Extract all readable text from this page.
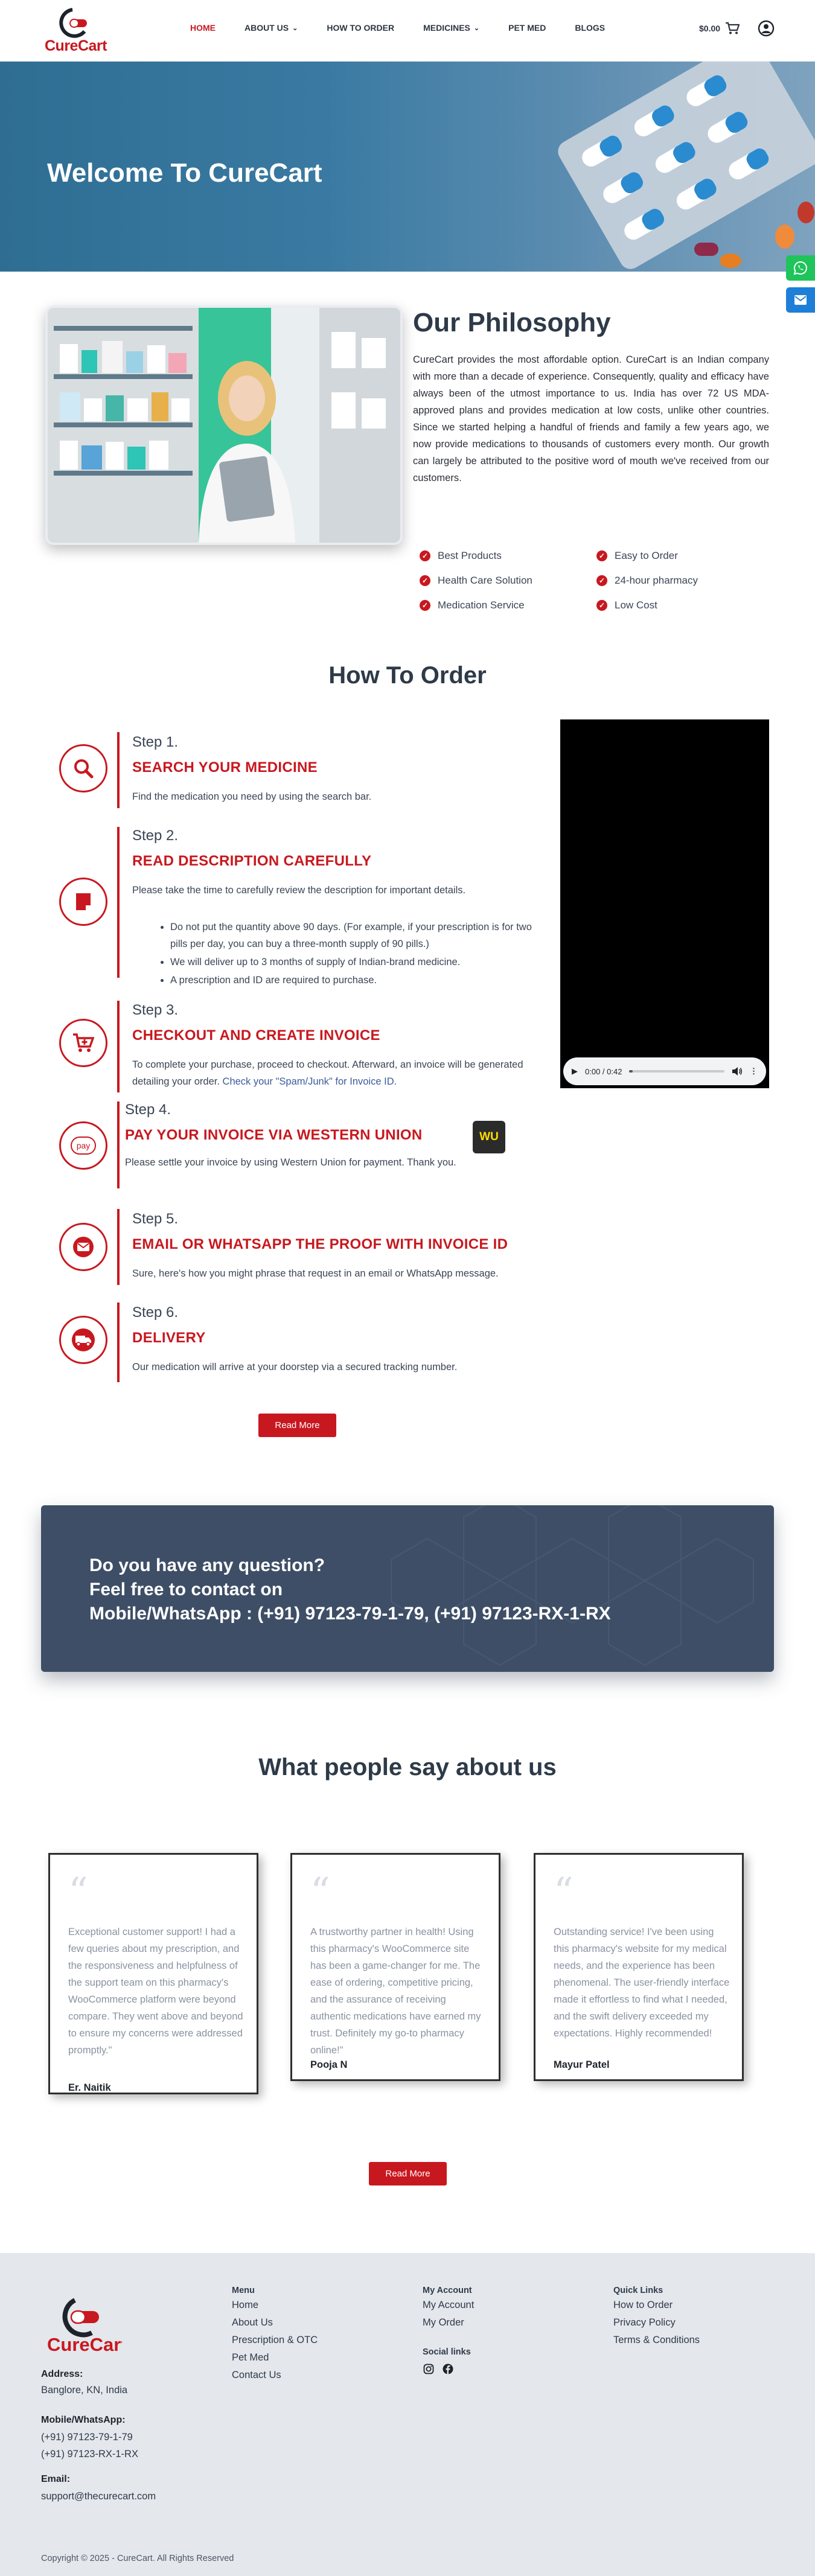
CureCart
HOME	ABOUT US ⌄	HOW TO ORDER	MEDICINES ⌄	PET MED	BLOGS	$0.00
Welcome To CureCart
Our Philosophy
CureCart provides the most affordable option. CureCart is an Indian company with more than a decade of experience. Consequently, quality and efficacy have always been of the utmost importance to us. India has over 72 US MDA-approved plans and provides medication at low costs, unlike other countries. Since we started helping a handful of friends and family a few years ago, we now provide medications to thousands of customers every month. Our growth can largely be attributed to the positive word of mouth we've received from our customers.
✓ Best Products	✓ Easy to Order
✓ Health Care Solution	✓ 24-hour pharmacy
✓ Medication Service	✓ Low Cost
How To Order
Step 1.
SEARCH YOUR MEDICINE
Find the medication you need by using the search bar.
Step 2.
READ DESCRIPTION CAREFULLY
Please take the time to carefully review the description for important details.
• Do not put the quantity above 90 days. (For example, if your prescription is for two pills per day, you can buy a three-month supply of 90 pills.)
• We will deliver up to 3 months of supply of Indian-brand medicine.
• A prescription and ID are required to purchase.
Step 3.
CHECKOUT AND CREATE INVOICE
To complete your purchase, proceed to checkout. Afterward, an invoice will be generated detailing your order. Check your "Spam/Junk" for Invoice ID.
pay
Step 4.
PAY YOUR INVOICE VIA WESTERN UNION	WU
Please settle your invoice by using Western Union for payment. Thank you.
Step 5.
EMAIL OR WHATSAPP THE PROOF WITH INVOICE ID
Sure, here's how you might phrase that request in an email or WhatsApp message.
Step 6.
DELIVERY
Our medication will arrive at your doorstep via a secured tracking number.
▶ 0:00 / 0:42	⋮
Read More
Do you have any question?
Feel free to contact on
Mobile/WhatsApp : (+91) 97123-79-1-79, (+91) 97123-RX-1-RX
What people say about us
“
Exceptional customer support! I had a few queries about my prescription, and the responsiveness and helpfulness of the support team on this pharmacy's WooCommerce platform were beyond compare. They went above and beyond to ensure my concerns were addressed promptly."
Er. Naitik
“
A trustworthy partner in health! Using this pharmacy's WooCommerce site has been a game-changer for me. The ease of ordering, competitive pricing, and the assurance of receiving authentic medications have earned my trust. Definitely my go-to pharmacy online!"
Pooja N
“
Outstanding service! I've been using this pharmacy's website for my medical needs, and the experience has been phenomenal. The user-friendly interface made it effortless to find what I needed, and the swift delivery exceeded my expectations. Highly recommended!
Mayur Patel
Read More
CureCart
Address:
Banglore, KN, India
Mobile/WhatsApp:
(+91) 97123-79-1-79
(+91) 97123-RX-1-RX
Email:
support@thecurecart.com
Menu
Home
About Us
Prescription & OTC
Pet Med
Contact Us
My Account
My Account
My Order
Social links
Quick Links
How to Order
Privacy Policy
Terms & Conditions
Copyright © 2025 - CureCart. All Rights Reserved
